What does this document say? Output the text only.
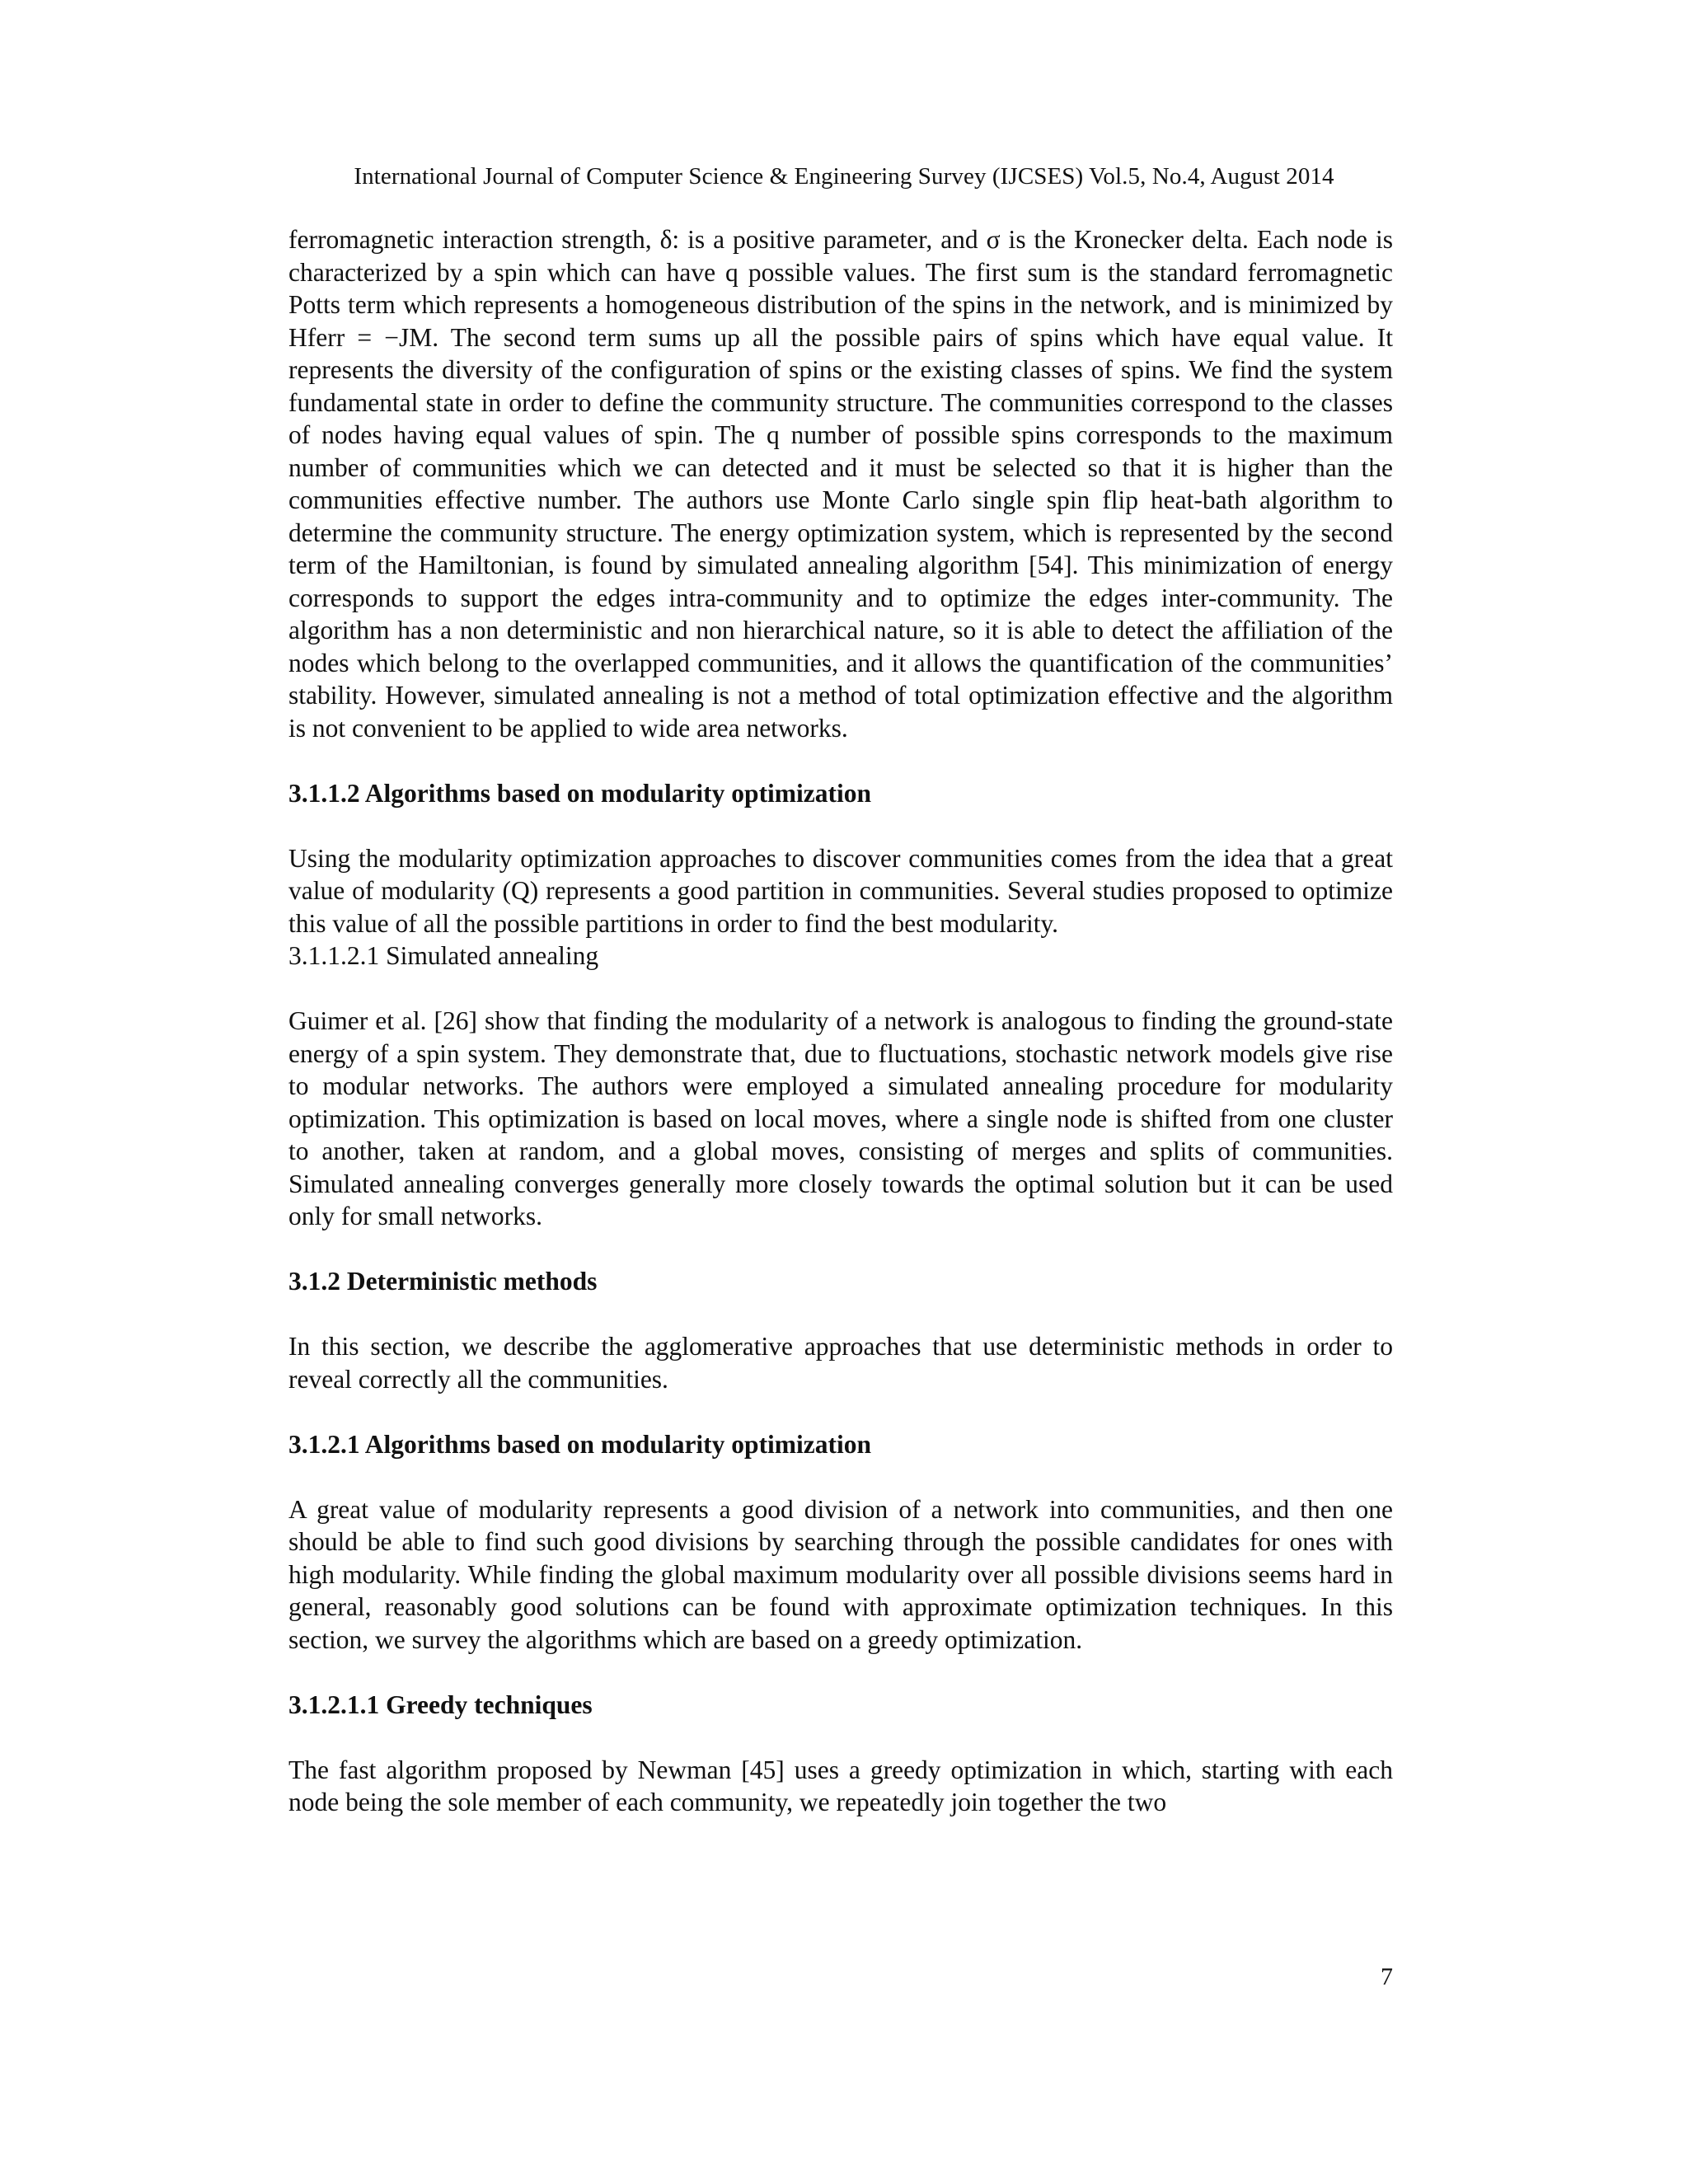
International Journal of Computer Science & Engineering Survey (IJCSES) Vol.5, No.4, August 2014

ferromagnetic interaction strength, δ: is a positive parameter, and σ is the Kronecker delta. Each node is characterized by a spin which can have q possible values. The first sum is the standard ferromagnetic Potts term which represents a homogeneous distribution of the spins in the network, and is minimized by Hferr = −JM. The second term sums up all the possible pairs of spins which have equal value. It represents the diversity of the configuration of spins or the existing classes of spins. We find the system fundamental state in order to define the community structure. The communities correspond to the classes of nodes having equal values of spin. The q number of possible spins corresponds to the maximum number of communities which we can detected and it must be selected so that it is higher than the communities effective number. The authors use Monte Carlo single spin flip heat-bath algorithm to determine the community structure. The energy optimization system, which is represented by the second term of the Hamiltonian, is found by simulated annealing algorithm [54]. This minimization of energy corresponds to support the edges intra-community and to optimize the edges inter-community. The algorithm has a non deterministic and non hierarchical nature, so it is able to detect the affiliation of the nodes which belong to the overlapped communities, and it allows the quantification of the communities’ stability. However, simulated annealing is not a method of total optimization effective and the algorithm is not convenient to be applied to wide area networks.

3.1.1.2 Algorithms based on modularity optimization

Using the modularity optimization approaches to discover communities comes from the idea that a great value of modularity (Q) represents a good partition in communities. Several studies proposed to optimize this value of all the possible partitions in order to find the best modularity.

3.1.1.2.1 Simulated annealing

Guimer et al. [26] show that finding the modularity of a network is analogous to finding the ground-state energy of a spin system. They demonstrate that, due to fluctuations, stochastic network models give rise to modular networks. The authors were employed a simulated annealing procedure for modularity optimization. This optimization is based on local moves, where a single node is shifted from one cluster to another, taken at random, and a global moves, consisting of merges and splits of communities. Simulated annealing converges generally more closely towards the optimal solution but it can be used only for small networks.

3.1.2 Deterministic methods

In this section, we describe the agglomerative approaches that use deterministic methods in order to reveal correctly all the communities.

3.1.2.1 Algorithms based on modularity optimization

A great value of modularity represents a good division of a network into communities, and then one should be able to find such good divisions by searching through the possible candidates for ones with high modularity. While finding the global maximum modularity over all possible divisions seems hard in general, reasonably good solutions can be found with approximate optimization techniques. In this section, we survey the algorithms which are based on a greedy optimization.

3.1.2.1.1 Greedy techniques

The fast algorithm proposed by Newman [45] uses a greedy optimization in which, starting with each node being the sole member of each community, we repeatedly join together the two

7
